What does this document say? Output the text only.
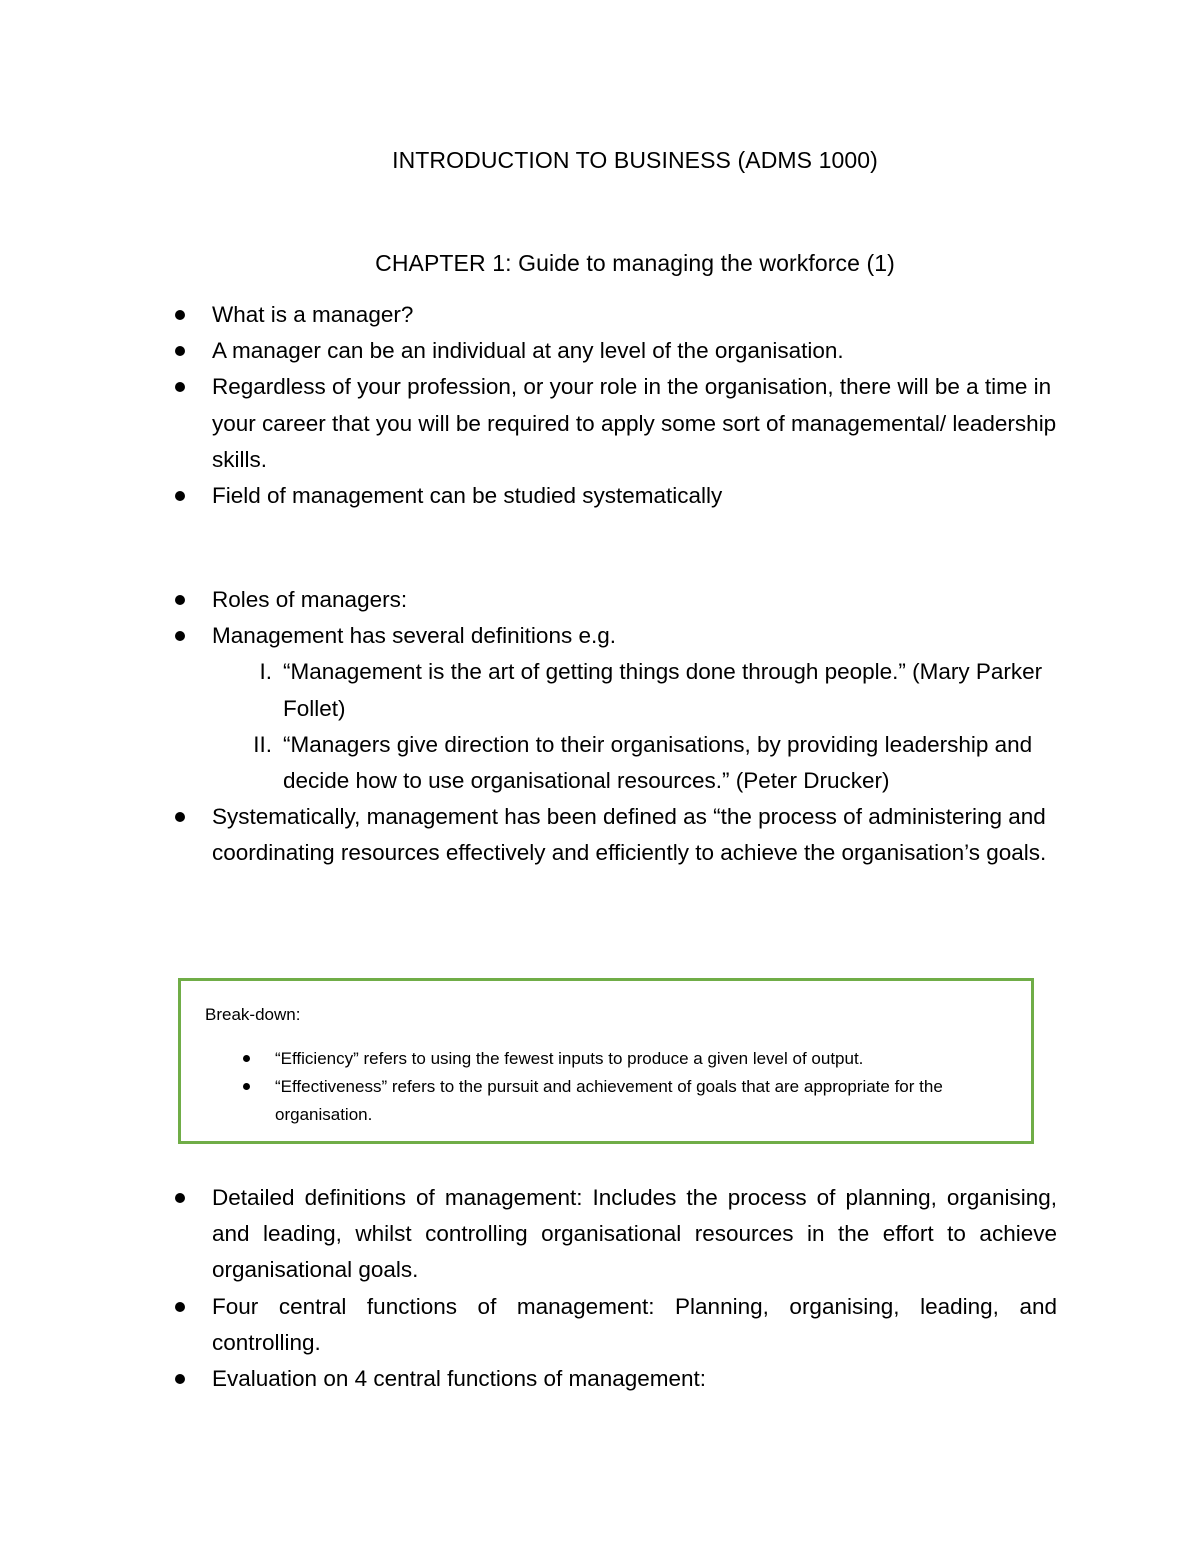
INTRODUCTION TO BUSINESS (ADMS 1000)
CHAPTER 1: Guide to managing the workforce (1)
What is a manager?
A manager can be an individual at any level of the organisation.
Regardless of your profession, or your role in the organisation, there will be a time in your career that you will be required to apply some sort of managemental/ leadership skills.
Field of management can be studied systematically
Roles of managers:
Management has several definitions e.g.
I. “Management is the art of getting things done through people.” (Mary Parker Follet)
II. “Managers give direction to their organisations, by providing leadership and decide how to use organisational resources.” (Peter Drucker)
Systematically, management has been defined as “the process of administering and coordinating resources effectively and efficiently to achieve the organisation’s goals.
Break-down:
“Efficiency” refers to using the fewest inputs to produce a given level of output.
“Effectiveness” refers to the pursuit and achievement of goals that are appropriate for the organisation.
Detailed definitions of management: Includes the process of planning, organising, and leading, whilst controlling organisational resources in the effort to achieve organisational goals.
Four central functions of management: Planning, organising, leading, and controlling.
Evaluation on 4 central functions of management:
